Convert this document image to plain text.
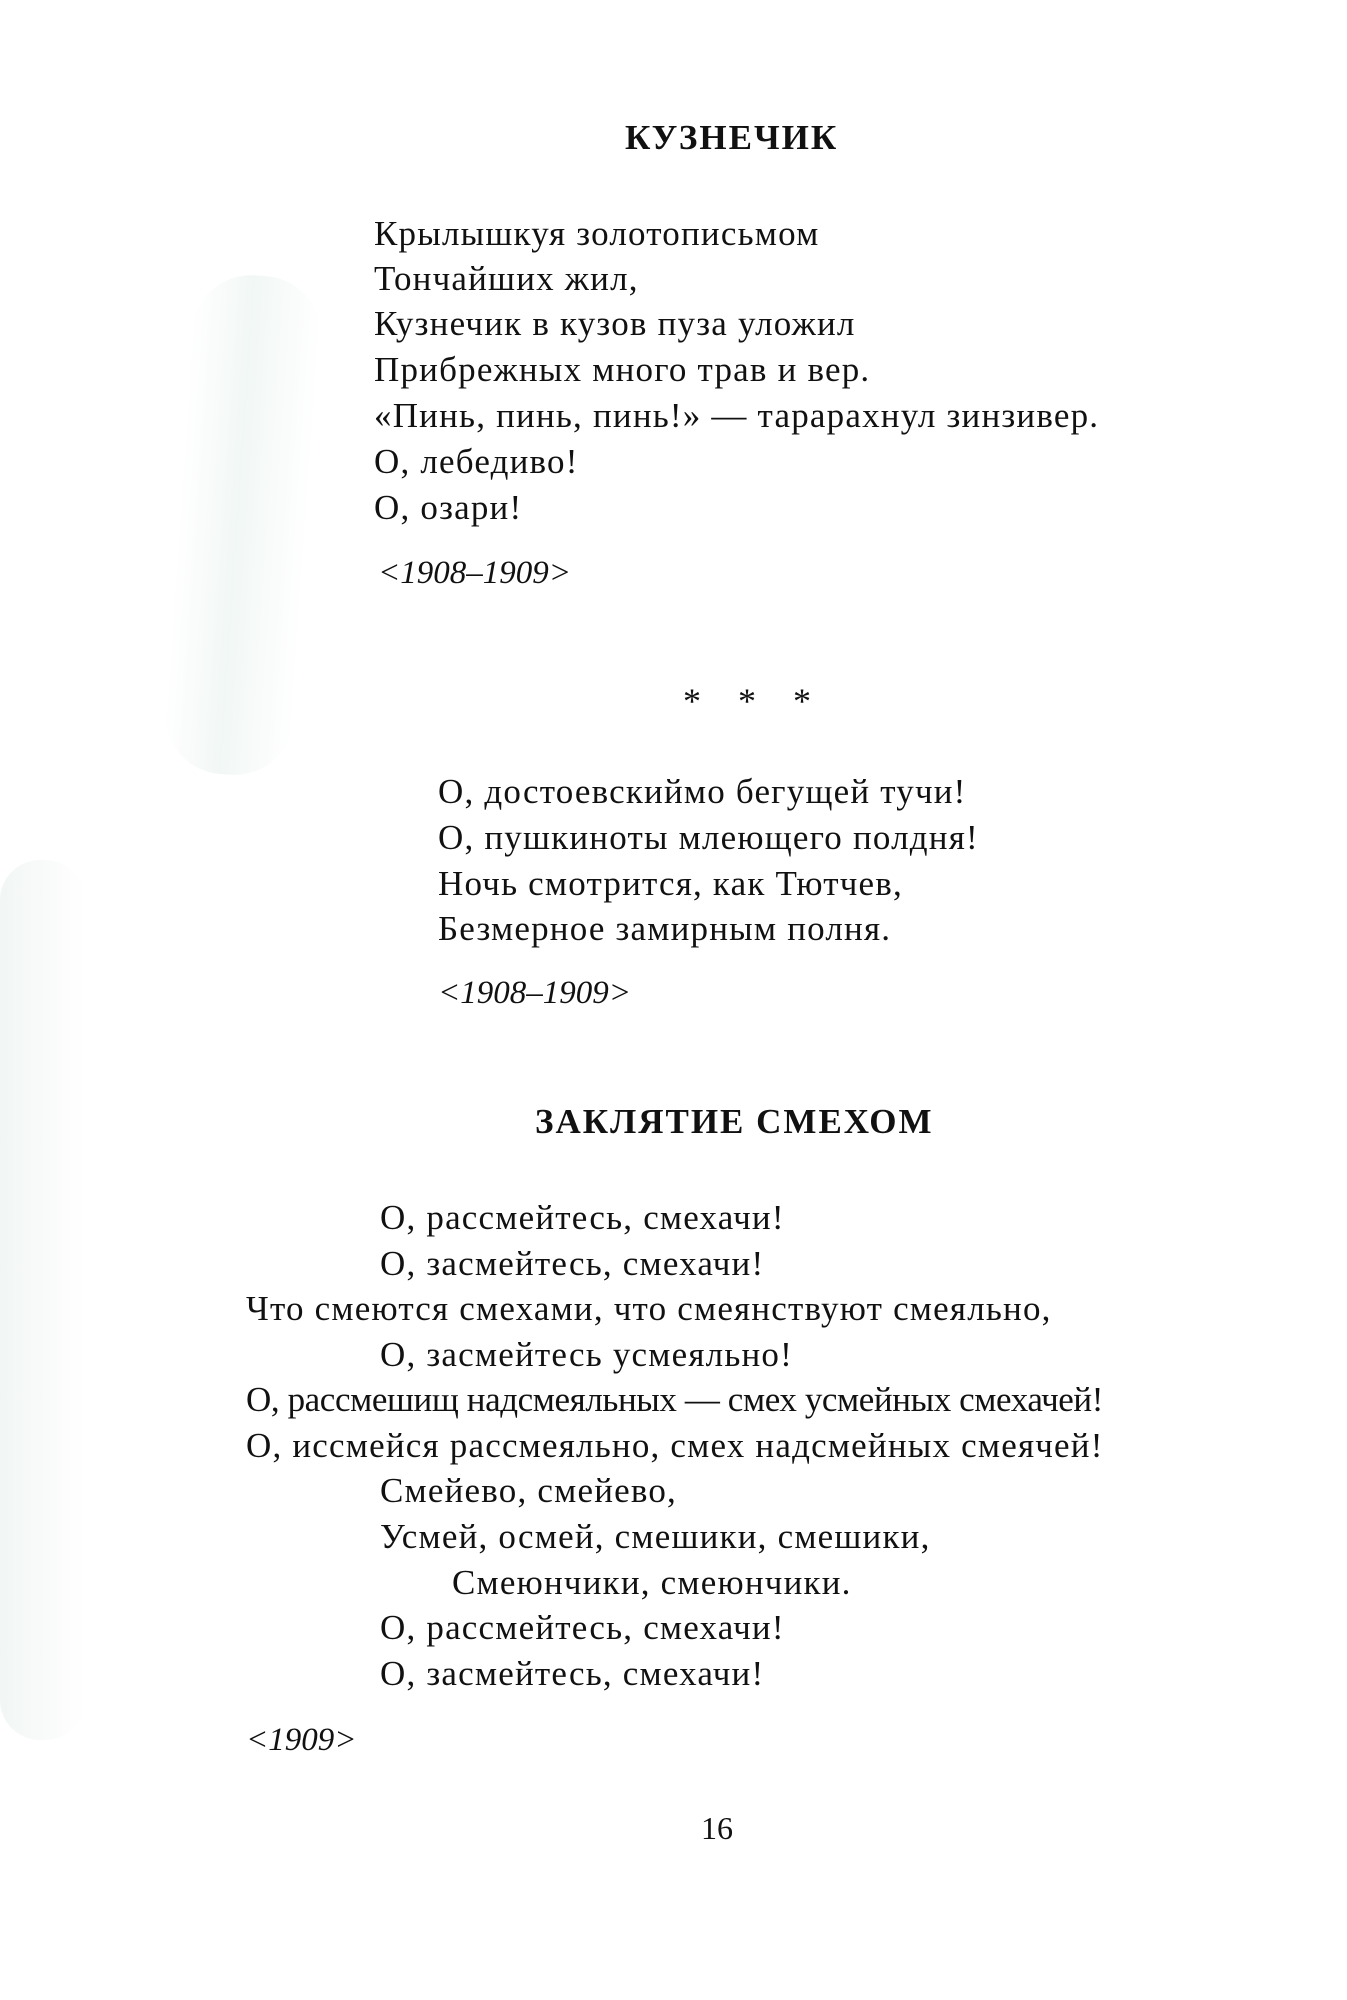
КУЗНЕЧИК

Крылышкуя золотописьмом

Тончайших жил,

Кузнечик в кузов пуза уложил

Прибрежных много трав и вер.

«Пинь, пинь, пинь!» — тарарахнул зинзивер.

О, лебедиво!

О, озари!

<1908–1909>

* * *

О, достоевскиймо бегущей тучи!

О, пушкиноты млеющего полдня!

Ночь смотрится, как Тютчев,

Безмерное замирным полня.

<1908–1909>

ЗАКЛЯТИЕ СМЕХОМ

О, рассмейтесь, смехачи!

О, засмейтесь, смехачи!

Что смеются смехами, что смеянствуют смеяльно,

О, засмейтесь усмеяльно!

О, рассмешищ надсмеяльных — смех усмейных смехачей!

О, иссмейся рассмеяльно, смех надсмейных смеячей!

Смейево, смейево,

Усмей, осмей, смешики, смешики,

Смеюнчики, смеюнчики.

О, рассмейтесь, смехачи!

О, засмейтесь, смехачи!

<1909>

16
